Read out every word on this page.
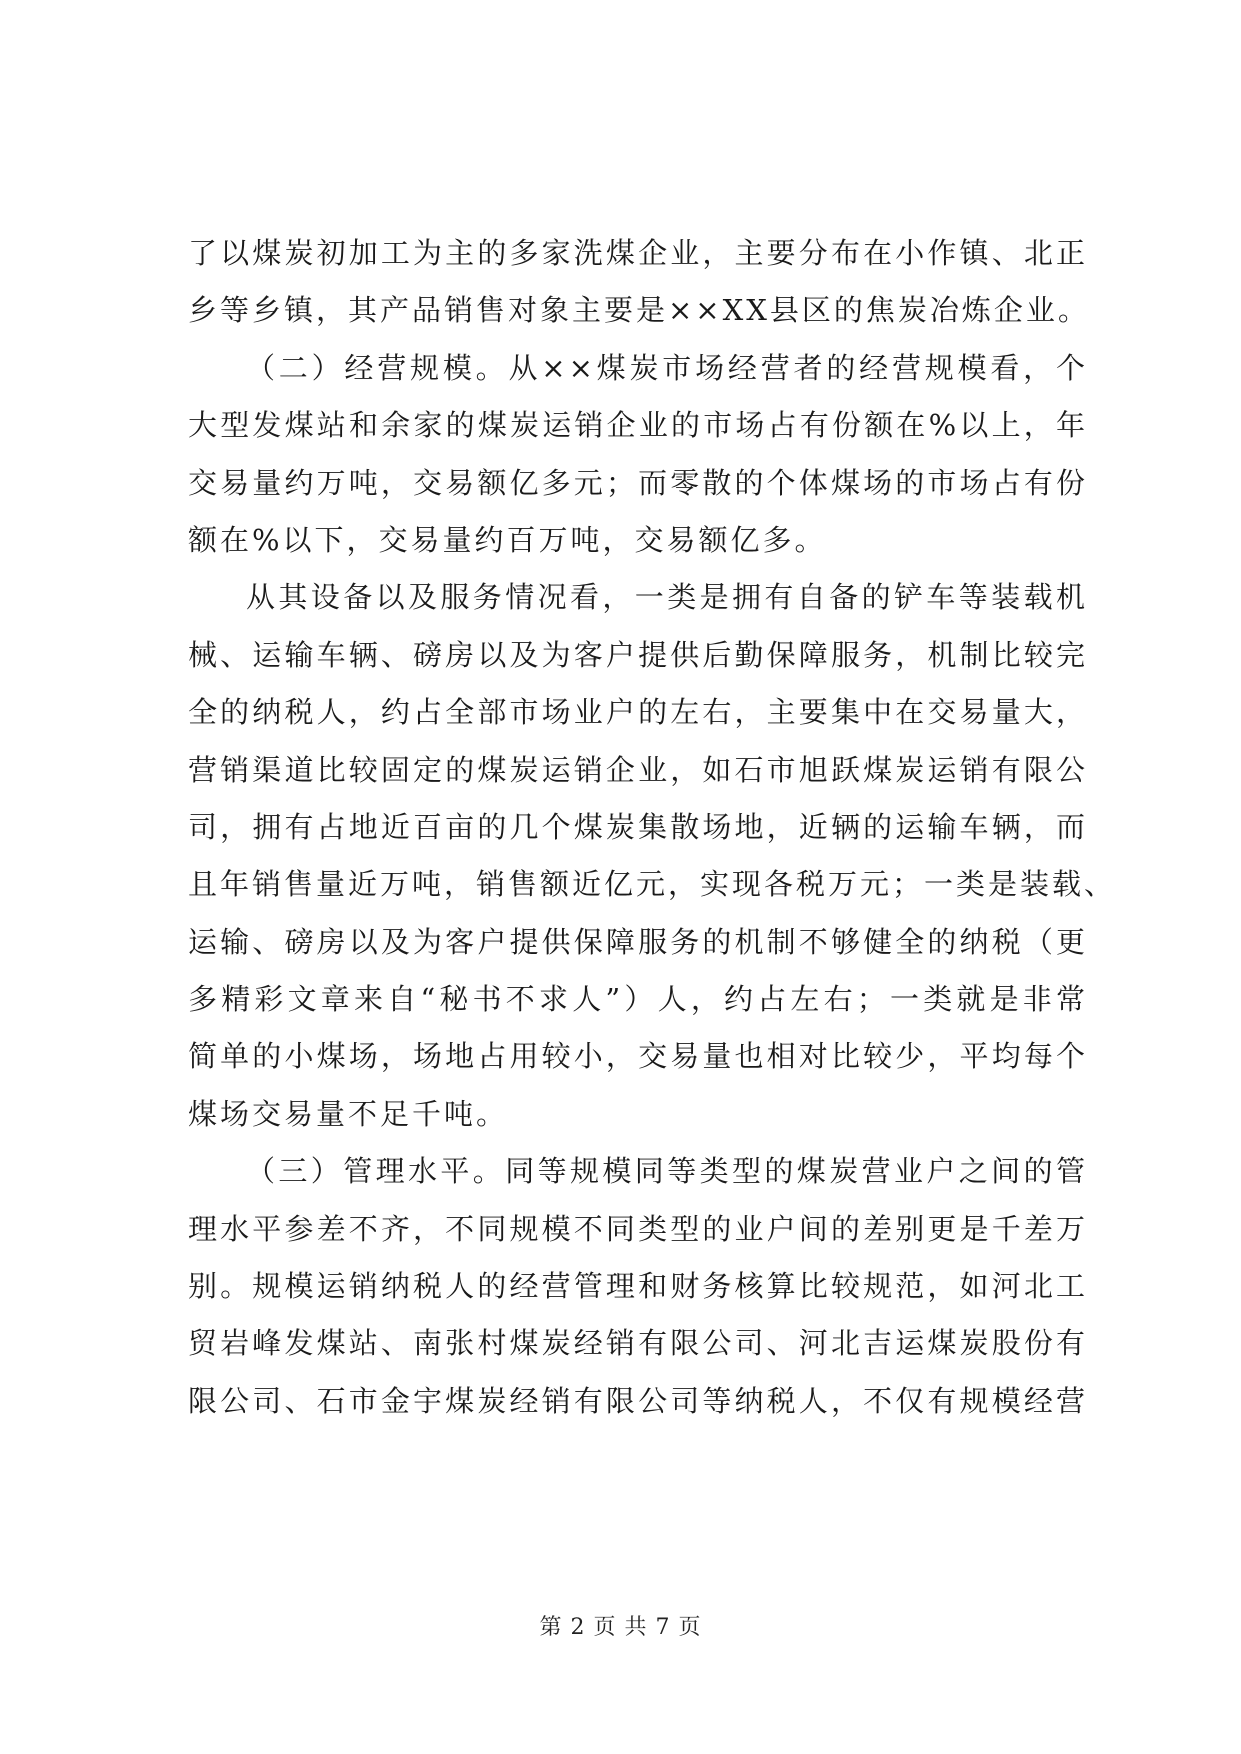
了以煤炭初加工为主的多家洗煤企业，主要分布在小作镇、北正
乡等乡镇，其产品销售对象主要是××XX县区的焦炭冶炼企业。
（二）经营规模。从××煤炭市场经营者的经营规模看，个
大型发煤站和余家的煤炭运销企业的市场占有份额在%以上，年
交易量约万吨，交易额亿多元；而零散的个体煤场的市场占有份
额在%以下，交易量约百万吨，交易额亿多。
从其设备以及服务情况看，一类是拥有自备的铲车等装载机
械、运输车辆、磅房以及为客户提供后勤保障服务，机制比较完
全的纳税人，约占全部市场业户的左右，主要集中在交易量大，
营销渠道比较固定的煤炭运销企业，如石市旭跃煤炭运销有限公
司，拥有占地近百亩的几个煤炭集散场地，近辆的运输车辆，而
且年销售量近万吨，销售额近亿元，实现各税万元；一类是装载、
运输、磅房以及为客户提供保障服务的机制不够健全的纳税（更
多精彩文章来自“秘书不求人”）人，约占左右；一类就是非常
简单的小煤场，场地占用较小，交易量也相对比较少，平均每个
煤场交易量不足千吨。
（三）管理水平。同等规模同等类型的煤炭营业户之间的管
理水平参差不齐，不同规模不同类型的业户间的差别更是千差万
别。规模运销纳税人的经营管理和财务核算比较规范，如河北工
贸岩峰发煤站、南张村煤炭经销有限公司、河北吉运煤炭股份有
限公司、石市金宇煤炭经销有限公司等纳税人，不仅有规模经营
第 2 页 共 7 页
